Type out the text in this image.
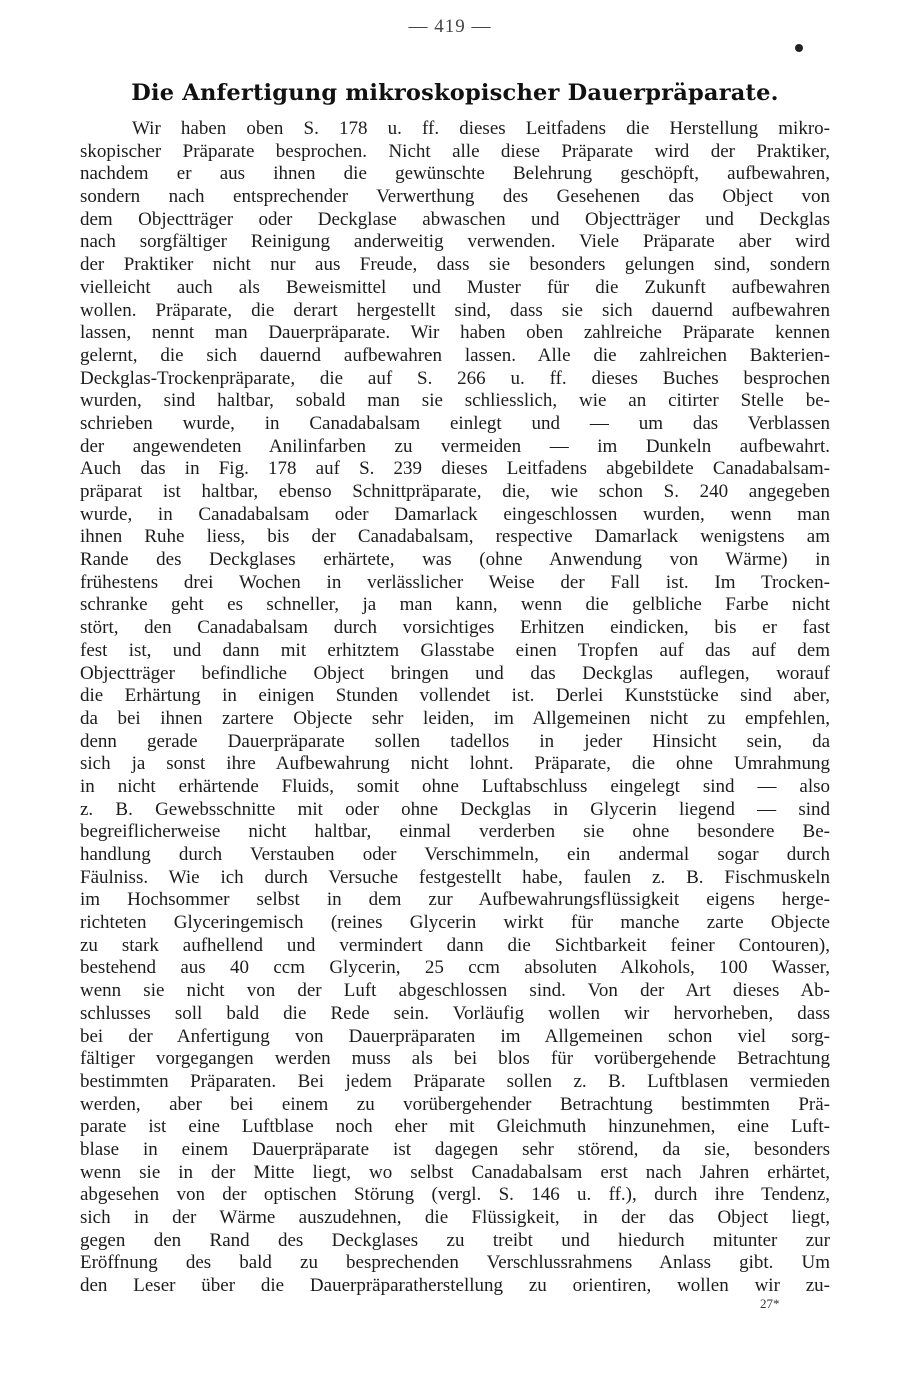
— 419 —
Die Anfertigung mikroskopischer Dauerpräparate.
Wir haben oben S. 178 u. ff. dieses Leitfadens die Herstellung mikro-
skopischer Präparate besprochen. Nicht alle diese Präparate wird der Praktiker,
nachdem er aus ihnen die gewünschte Belehrung geschöpft, aufbewahren,
sondern nach entsprechender Verwerthung des Gesehenen das Object von
dem Objectträger oder Deckglase abwaschen und Objectträger und Deckglas
nach sorgfältiger Reinigung anderweitig verwenden. Viele Präparate aber wird
der Praktiker nicht nur aus Freude, dass sie besonders gelungen sind, sondern
vielleicht auch als Beweismittel und Muster für die Zukunft aufbewahren
wollen. Präparate, die derart hergestellt sind, dass sie sich dauernd aufbewahren
lassen, nennt man Dauerpräparate. Wir haben oben zahlreiche Präparate kennen
gelernt, die sich dauernd aufbewahren lassen. Alle die zahlreichen Bakterien-
Deckglas-Trockenpräparate, die auf S. 266 u. ff. dieses Buches besprochen
wurden, sind haltbar, sobald man sie schliesslich, wie an citirter Stelle be-
schrieben wurde, in Canadabalsam einlegt und — um das Verblassen
der angewendeten Anilinfarben zu vermeiden — im Dunkeln aufbewahrt.
Auch das in Fig. 178 auf S. 239 dieses Leitfadens abgebildete Canadabalsam-
präparat ist haltbar, ebenso Schnittpräparate, die, wie schon S. 240 angegeben
wurde, in Canadabalsam oder Damarlack eingeschlossen wurden, wenn man
ihnen Ruhe liess, bis der Canadabalsam, respective Damarlack wenigstens am
Rande des Deckglases erhärtete, was (ohne Anwendung von Wärme) in
frühestens drei Wochen in verlässlicher Weise der Fall ist. Im Trocken-
schranke geht es schneller, ja man kann, wenn die gelbliche Farbe nicht
stört, den Canadabalsam durch vorsichtiges Erhitzen eindicken, bis er fast
fest ist, und dann mit erhitztem Glasstabe einen Tropfen auf das auf dem
Objectträger befindliche Object bringen und das Deckglas auflegen, worauf
die Erhärtung in einigen Stunden vollendet ist. Derlei Kunststücke sind aber,
da bei ihnen zartere Objecte sehr leiden, im Allgemeinen nicht zu empfehlen,
denn gerade Dauerpräparate sollen tadellos in jeder Hinsicht sein, da
sich ja sonst ihre Aufbewahrung nicht lohnt. Präparate, die ohne Umrahmung
in nicht erhärtende Fluids, somit ohne Luftabschluss eingelegt sind — also
z. B. Gewebsschnitte mit oder ohne Deckglas in Glycerin liegend — sind
begreiflicherweise nicht haltbar, einmal verderben sie ohne besondere Be-
handlung durch Verstauben oder Verschimmeln, ein andermal sogar durch
Fäulniss. Wie ich durch Versuche festgestellt habe, faulen z. B. Fischmuskeln
im Hochsommer selbst in dem zur Aufbewahrungsflüssigkeit eigens herge-
richteten Glyceringemisch (reines Glycerin wirkt für manche zarte Objecte
zu stark aufhellend und vermindert dann die Sichtbarkeit feiner Contouren),
bestehend aus 40 ccm Glycerin, 25 ccm absoluten Alkohols, 100 Wasser,
wenn sie nicht von der Luft abgeschlossen sind. Von der Art dieses Ab-
schlusses soll bald die Rede sein. Vorläufig wollen wir hervorheben, dass
bei der Anfertigung von Dauerpräparaten im Allgemeinen schon viel sorg-
fältiger vorgegangen werden muss als bei blos für vorübergehende Betrachtung
bestimmten Präparaten. Bei jedem Präparate sollen z. B. Luftblasen vermieden
werden, aber bei einem zu vorübergehender Betrachtung bestimmten Prä-
parate ist eine Luftblase noch eher mit Gleichmuth hinzunehmen, eine Luft-
blase in einem Dauerpräparate ist dagegen sehr störend, da sie, besonders
wenn sie in der Mitte liegt, wo selbst Canadabalsam erst nach Jahren erhärtet,
abgesehen von der optischen Störung (vergl. S. 146 u. ff.), durch ihre Tendenz,
sich in der Wärme auszudehnen, die Flüssigkeit, in der das Object liegt,
gegen den Rand des Deckglases zu treibt und hiedurch mitunter zur
Eröffnung des bald zu besprechenden Verschlussrahmens Anlass gibt. Um
den Leser über die Dauerpräparatherstellung zu orientiren, wollen wir zu-
27*
